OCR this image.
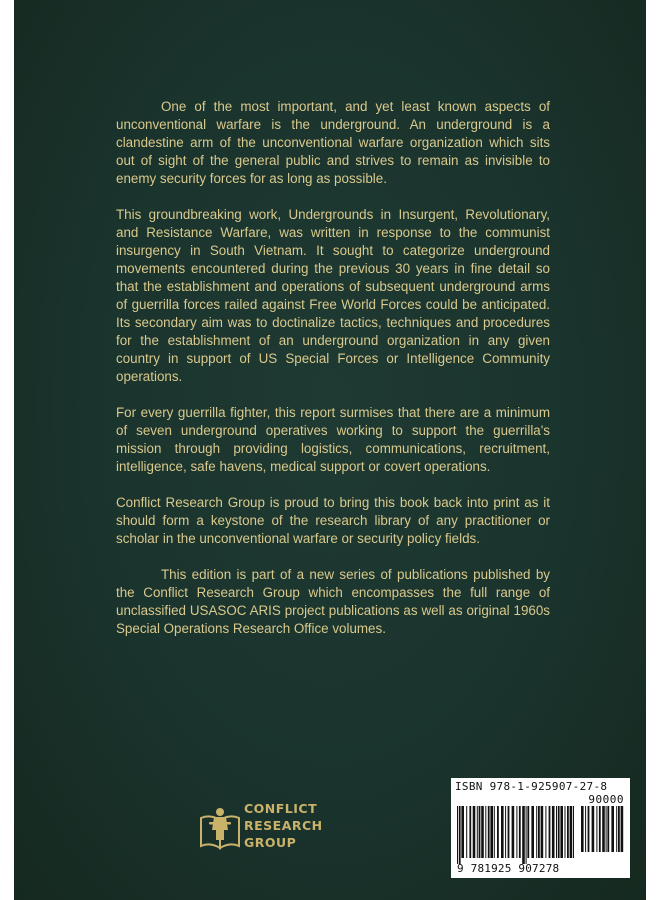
One of the most important, and yet least known aspects of unconventional warfare is the underground. An underground is a clandestine arm of the unconventional warfare organization which sits out of sight of the general public and strives to remain as invisible to enemy security forces for as long as possible.

This groundbreaking work, Undergrounds in Insurgent, Revolutionary, and Resistance Warfare, was written in response to the communist insurgency in South Vietnam. It sought to categorize underground movements encountered during the previous 30 years in fine detail so that the establishment and operations of subsequent underground arms of guerrilla forces railed against Free World Forces could be anticipated. Its secondary aim was to doctinalize tactics, techniques and procedures for the establishment of an underground organization in any given country in support of US Special Forces or Intelligence Community operations.

For every guerrilla fighter, this report surmises that there are a minimum of seven underground operatives working to support the guerrilla's mission through providing logistics, communications, recruitment, intelligence, safe havens, medical support or covert operations.

Conflict Research Group is proud to bring this book back into print as it should form a keystone of the research library of any practitioner or scholar in the unconventional warfare or security policy fields.

This edition is part of a new series of publications published by the Conflict Research Group which encompasses the full range of unclassified USASOC ARIS project publications as well as original 1960s Special Operations Research Office volumes.

CONFLICT
RESEARCH
GROUP
ISBN 978-1-925907-27-8
90000
9 781925 907278
